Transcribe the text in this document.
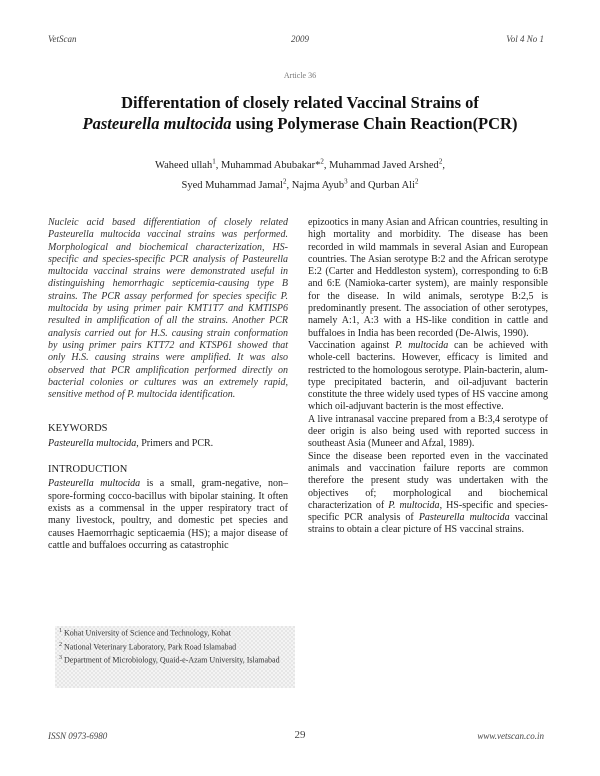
VetScan	2009	Vol 4 No 1
Article 36
Differentation of closely related Vaccinal Strains of
Pasteurella multocida using Polymerase Chain Reaction(PCR)
Waheed ullah$^1$, Muhammad Abubakar*$^2$, Muhammad Javed Arshed$^2$,
Syed Muhammad Jamal$^2$, Najma Ayub$^3$ and Qurban Ali$^2$

Nucleic acid based differentiation of closely related Pasteurella multocida vaccinal strains was performed. Morphological and biochemical characterization, HS-specific and species-specific PCR analysis of Pasteurella multocida vaccinal strains were demonstrated useful in distinguishing hemorrhagic septicemia-causing type B strains. The PCR assay performed for species specific P. multocida by using primer pair KMT1T7 and KMTISP6 resulted in amplification of all the strains. Another PCR analysis carried out for H.S. causing strain conformation by using primer pairs KTT72 and KTSP61 showed that only H.S. causing strains were amplified. It was also observed that PCR amplification performed directly on bacterial colonies or cultures was an extremely rapid, sensitive method of P. multocida identification.

KEYWORDS

Pasteurella multocida, Primers and PCR.

INTRODUCTION

Pasteurella multocida is a small, gram-negative, non–spore-forming cocco-bacillus with bipolar staining. It often exists as a commensal in the upper respiratory tract of many livestock, poultry, and domestic pet species and causes Haemorrhagic septicaemia (HS); a major disease of cattle and buffaloes occurring as catastrophic

$^1$ Kohat University of Science and Technology, Kohat

$^2$ National Veterinary Laboratory, Park Road Islamabad

$^3$ Department of Microbiology, Quaid-e-Azam University, Islamabad

epizootics in many Asian and African countries, resulting in high mortality and morbidity. The disease has been recorded in wild mammals in several Asian and European countries. The Asian serotype B:2 and the African serotype E:2 (Carter and Heddleston system), corresponding to 6:B and 6:E (Namioka-carter system), are mainly responsible for the disease. In wild animals, serotype B:2,5 is predominantly present. The association of other serotypes, namely A:1, A:3 with a HS-like condition in cattle and buffaloes in India has been recorded (De-Alwis, 1990).

Vaccination against P. multocida can be achieved with whole-cell bacterins. However, efficacy is limited and restricted to the homologous serotype. Plain-bacterin, alum-type precipitated bacterin, and oil-adjuvant bacterin constitute the three widely used types of HS vaccine among which oil-adjuvant bacterin is the most effective.

A live intranasal vaccine prepared from a B:3,4 serotype of deer origin is also being used with reported success in southeast Asia (Muneer and Afzal, 1989).

Since the disease been reported even in the vaccinated animals and vaccination failure reports are common therefore the present study was undertaken with the objectives of; morphological and biochemical characterization of P. multocida, HS-specific and species-specific PCR analysis of Pasteurella multocida vaccinal strains to obtain a clear picture of HS vaccinal strains.

ISSN 0973-6980	29	www.vetscan.co.in
